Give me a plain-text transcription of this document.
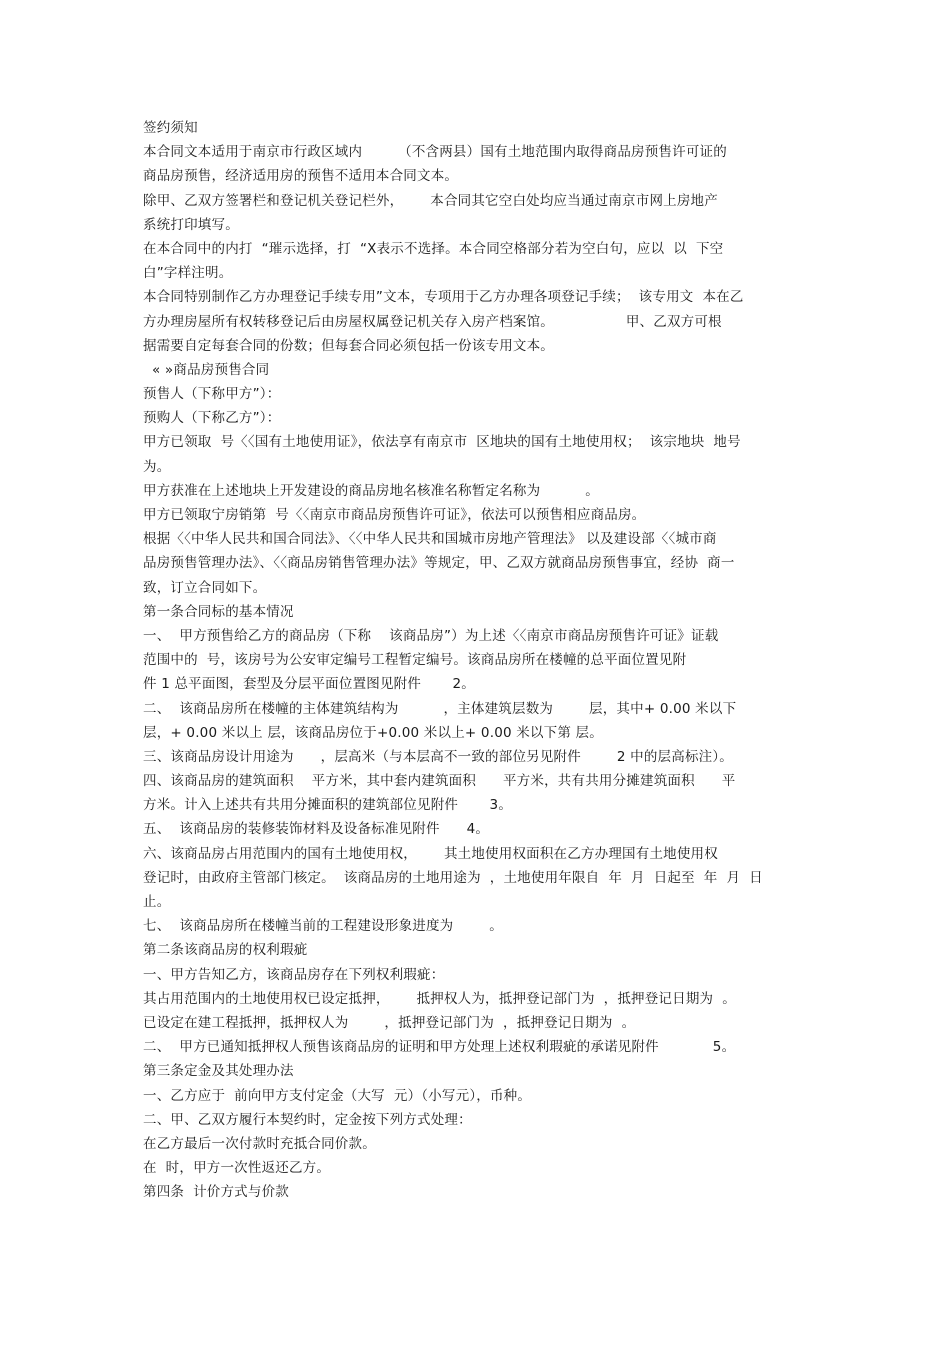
签约须知
本合同文本适用于南京市行政区域内        （不含两县）国有土地范围内取得商品房预售许可证的
商品房预售，经济适用房的预售不适用本合同文本。
除甲、乙双方签署栏和登记机关登记栏外，      本合同其它空白处均应当通过南京市网上房地产
系统打印填写。
在本合同中的内打  “璀示选择，打  “X表示不选择。本合同空格部分若为空白句，应以  以  下空
白”字样注明。
本合同特别制作乙方办理登记手续专用”文本，专项用于乙方办理各项登记手续；  该专用文  本在乙
方办理房屋所有权转移登记后由房屋权属登记机关存入房产档案馆。                甲、乙双方可根
据需要自定每套合同的份数；但每套合同必须包括一份该专用文本。
« »商品房预售合同
预售人（下称甲方”）：
预购人（下称乙方”）：
甲方已领取  号〈〈国有土地使用证》，依法享有南京市  区地块的国有土地使用权；  该宗地块  地号
为。
甲方获准在上述地块上开发建设的商品房地名核准名称暂定名称为          。
甲方已领取宁房销第  号〈〈南京市商品房预售许可证》，依法可以预售相应商品房。
根据〈〈中华人民共和国合同法》、〈〈中华人民共和国城市房地产管理法》 以及建设部〈〈城市商
品房预售管理办法》、〈〈商品房销售管理办法》等规定，甲、乙双方就商品房预售事宜，经协  商一
致，订立合同如下。
第一条合同标的基本情况
一、  甲方预售给乙方的商品房（下称    该商品房”）为上述〈〈南京市商品房预售许可证》证载
范围中的  号，该房号为公安审定编号工程暂定编号。该商品房所在楼幢的总平面位置见附
件 1 总平面图，套型及分层平面位置图见附件       2。
二、  该商品房所在楼幢的主体建筑结构为          ，主体建筑层数为        层，其中+ 0.00 米以下
层，+ 0.00 米以上 层，该商品房位于+0.00 米以上+ 0.00 米以下第 层。
三、该商品房设计用途为      ，层高米（与本层高不一致的部位另见附件        2 中的层高标注）。
四、该商品房的建筑面积    平方米，其中套内建筑面积      平方米，共有共用分摊建筑面积      平
方米。计入上述共有共用分摊面积的建筑部位见附件       3。
五、  该商品房的装修装饰材料及设备标准见附件      4。
六、该商品房占用范围内的国有土地使用权，      其土地使用权面积在乙方办理国有土地使用权
登记时，由政府主管部门核定。  该商品房的土地用途为  ，土地使用年限自  年  月  日起至  年  月  日
止。
七、  该商品房所在楼幢当前的工程建设形象进度为        。
第二条该商品房的权利瑕疵
一、甲方告知乙方，该商品房存在下列权利瑕疵：
其占用范围内的土地使用权已设定抵押，      抵押权人为，抵押登记部门为  ，抵押登记日期为  。
已设定在建工程抵押，抵押权人为        ，抵押登记部门为  ，抵押登记日期为  。
二、  甲方已通知抵押权人预售该商品房的证明和甲方处理上述权利瑕疵的承诺见附件            5。
第三条定金及其处理办法
一、乙方应于  前向甲方支付定金（大写  元）（小写元），币种。
二、甲、乙双方履行本契约时，定金按下列方式处理：
在乙方最后一次付款时充抵合同价款。
在  时，甲方一次性返还乙方。
第四条  计价方式与价款
